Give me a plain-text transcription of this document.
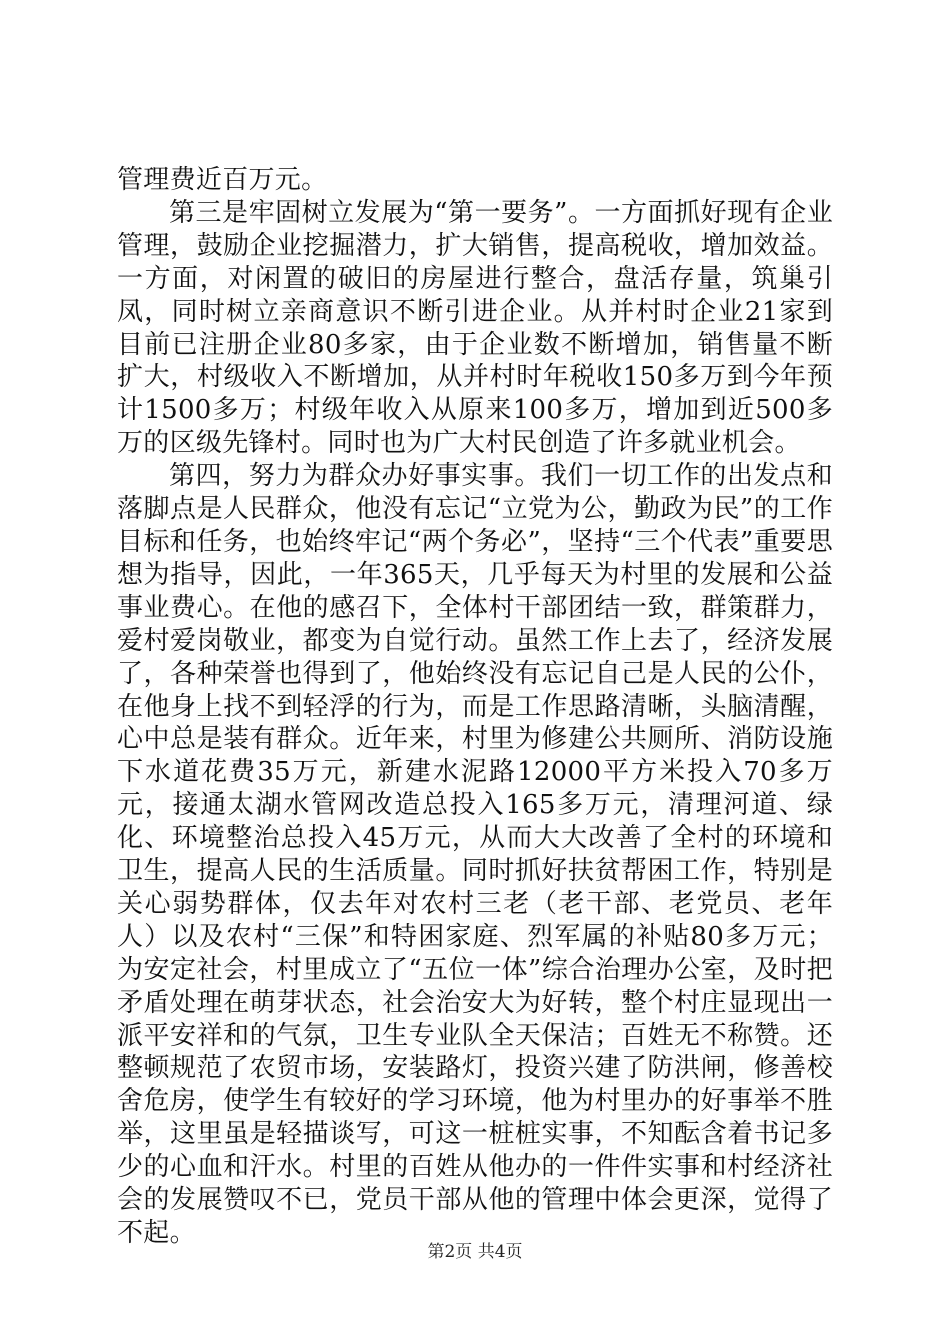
管理费近百万元。

第三是牢固树立发展为“第一要务”。一方面抓好现有企业管理，鼓励企业挖掘潜力，扩大销售，提高税收，增加效益。一方面，对闲置的破旧的房屋进行整合，盘活存量，筑巢引凤，同时树立亲商意识不断引进企业。从并村时企业21家到目前已注册企业80多家，由于企业数不断增加，销售量不断扩大，村级收入不断增加，从并村时年税收150多万到今年预计1500多万；村级年收入从原来100多万，增加到近500多万的区级先锋村。同时也为广大村民创造了许多就业机会。

第四，努力为群众办好事实事。我们一切工作的出发点和落脚点是人民群众，他没有忘记“立党为公，勤政为民”的工作目标和任务，也始终牢记“两个务必”，坚持“三个代表”重要思想为指导，因此，一年365天，几乎每天为村里的发展和公益事业费心。在他的感召下，全体村干部团结一致，群策群力，爱村爱岗敬业，都变为自觉行动。虽然工作上去了，经济发展了，各种荣誉也得到了，他始终没有忘记自己是人民的公仆，在他身上找不到轻浮的行为，而是工作思路清晰，头脑清醒，心中总是装有群众。近年来，村里为修建公共厕所、消防设施下水道花费35万元，新建水泥路12000平方米投入70多万元，接通太湖水管网改造总投入165多万元，清理河道、绿化、环境整治总投入45万元，从而大大改善了全村的环境和卫生，提高人民的生活质量。同时抓好扶贫帮困工作，特别是关心弱势群体，仅去年对农村三老（老干部、老党员、老年人）以及农村“三保”和特困家庭、烈军属的补贴80多万元；为安定社会，村里成立了“五位一体”综合治理办公室，及时把矛盾处理在萌芽状态，社会治安大为好转，整个村庄显现出一派平安祥和的气氛，卫生专业队全天保洁；百姓无不称赞。还整顿规范了农贸市场，安装路灯，投资兴建了防洪闸，修善校舍危房，使学生有较好的学习环境，他为村里办的好事举不胜举，这里虽是轻描谈写，可这一桩桩实事，不知酝含着书记多少的心血和汗水。村里的百姓从他办的一件件实事和村经济社会的发展赞叹不已，党员干部从他的管理中体会更深，觉得了不起。

第2页 共4页
